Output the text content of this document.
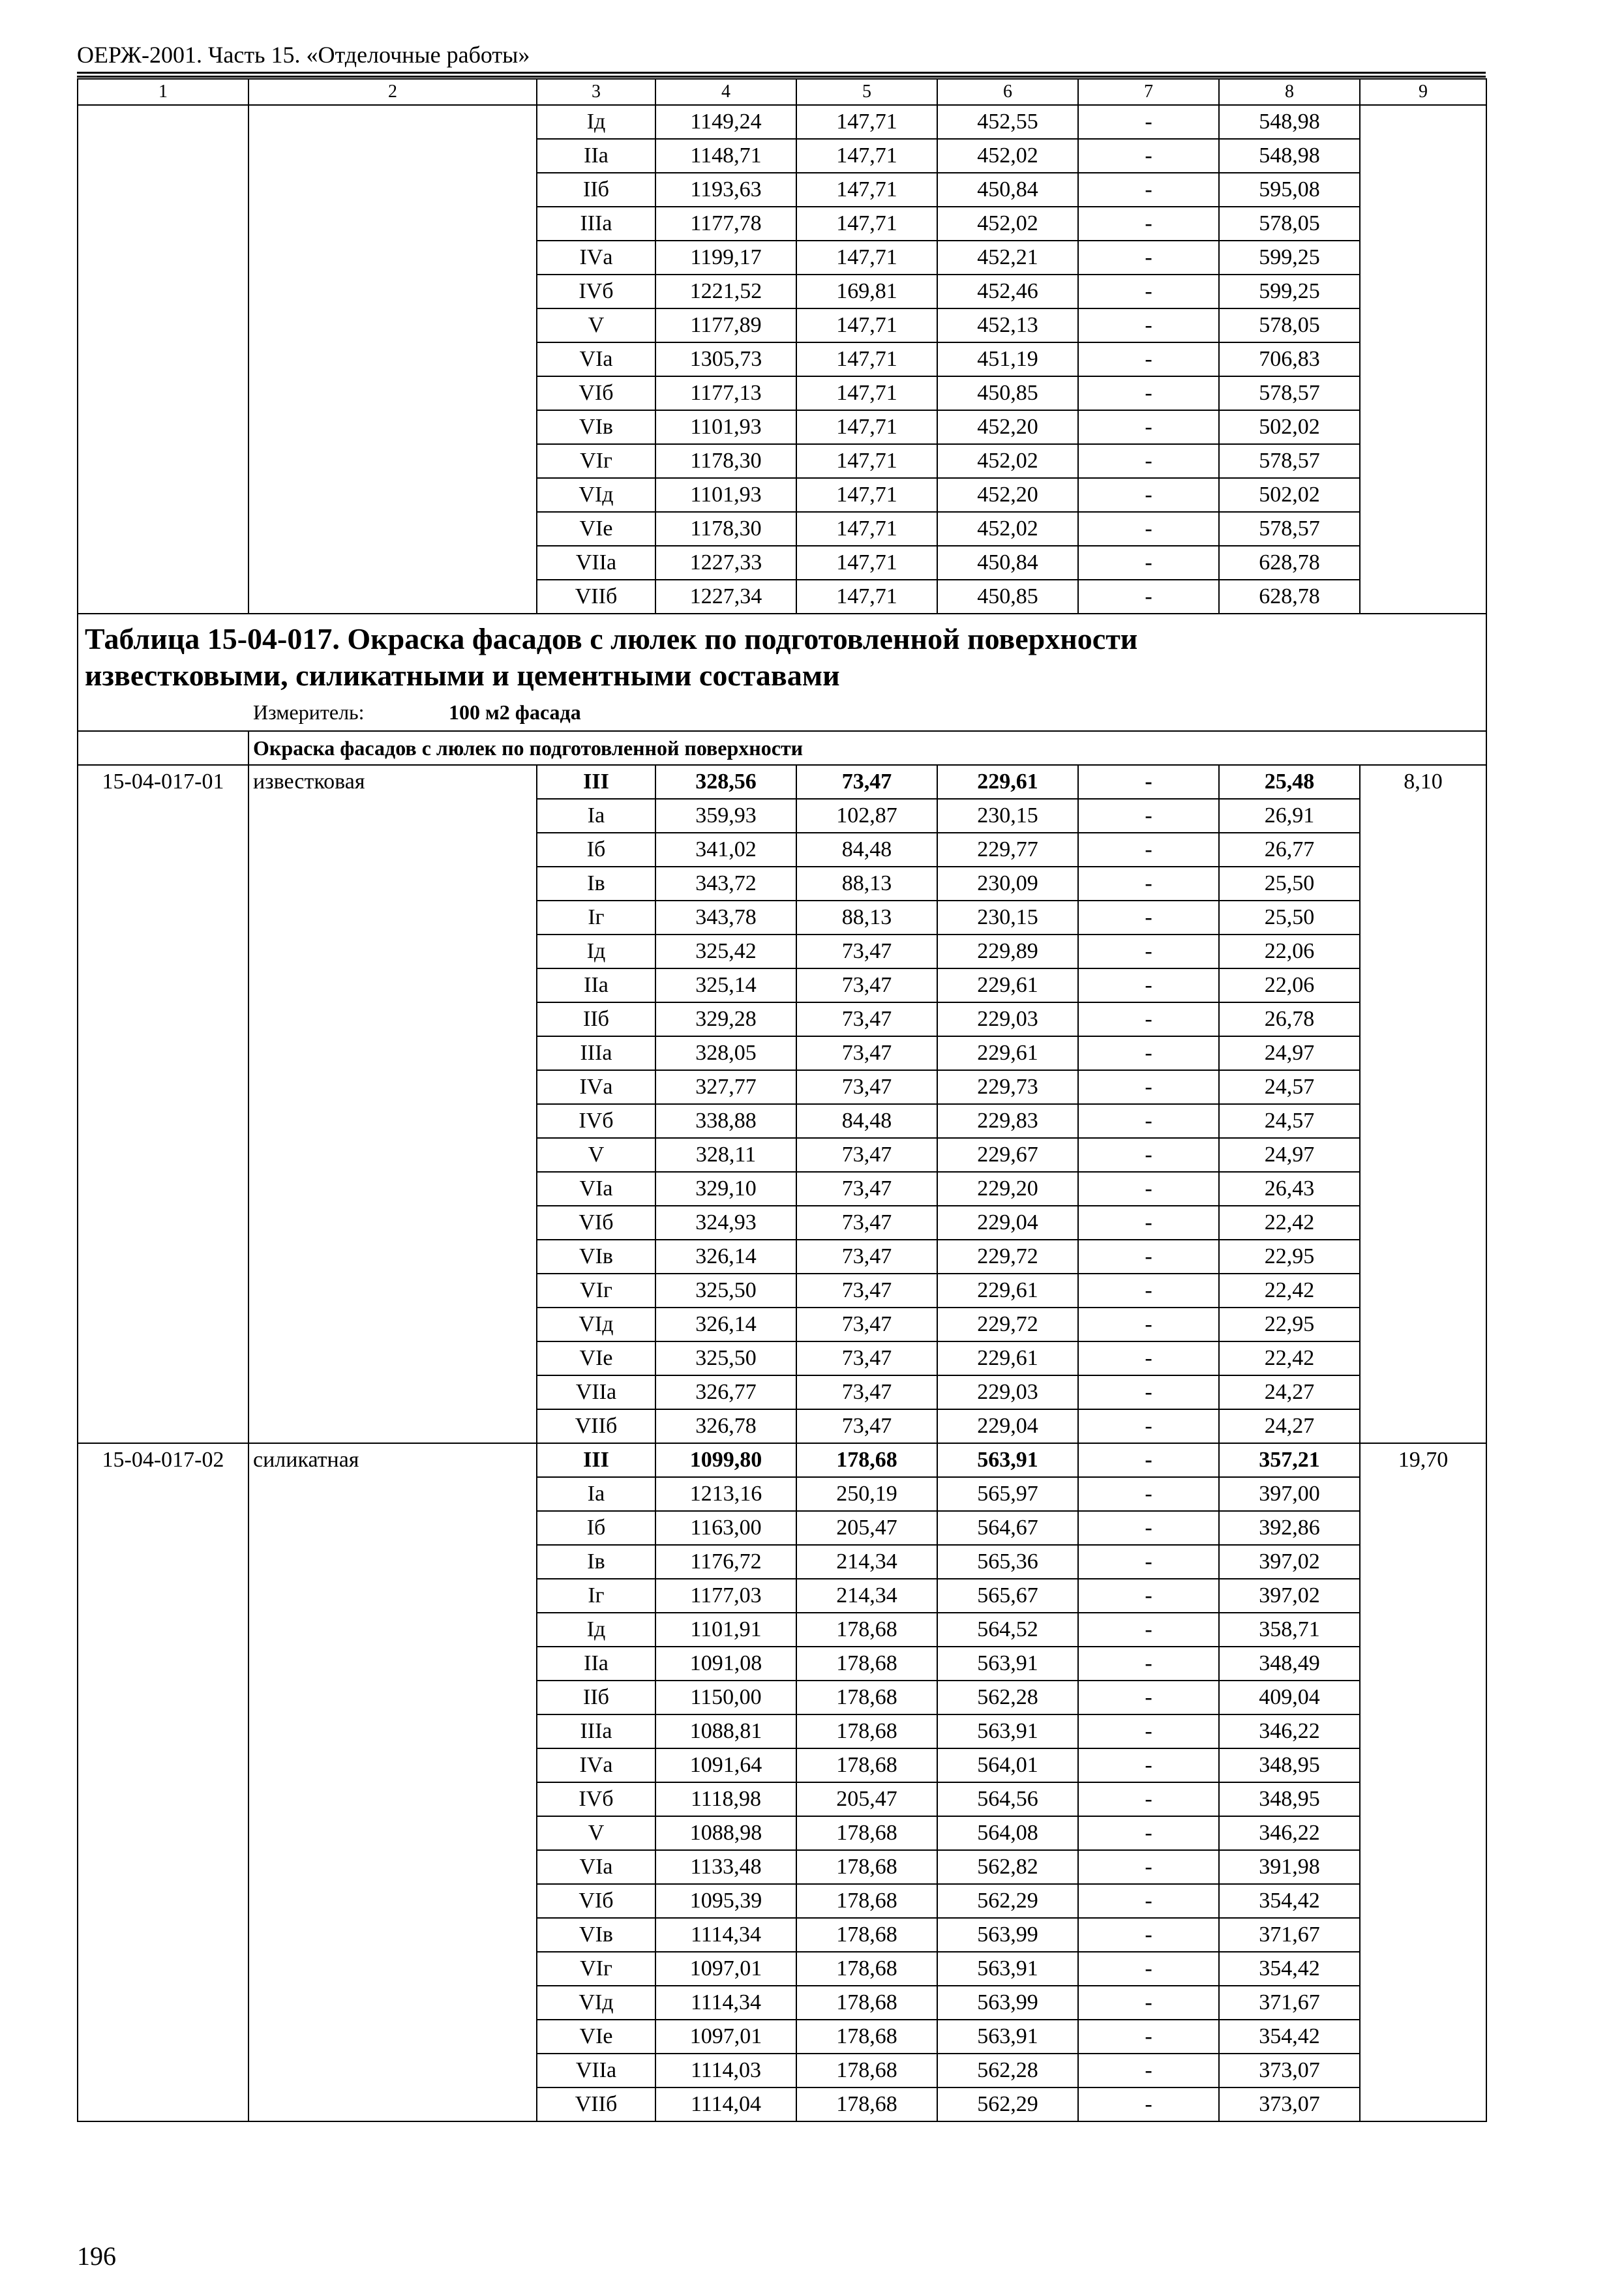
ОЕРЖ-2001. Часть 15. «Отделочные работы»
1	2	3	4	5	6	7	8	9
		Iд	1149,24	147,71	452,55	-	548,98	
		IIа	1148,71	147,71	452,02	-	548,98	
		IIб	1193,63	147,71	450,84	-	595,08	
		IIIа	1177,78	147,71	452,02	-	578,05	
		IVа	1199,17	147,71	452,21	-	599,25	
		IVб	1221,52	169,81	452,46	-	599,25	
		V	1177,89	147,71	452,13	-	578,05	
		VIа	1305,73	147,71	451,19	-	706,83	
		VIб	1177,13	147,71	450,85	-	578,57	
		VIв	1101,93	147,71	452,20	-	502,02	
		VIг	1178,30	147,71	452,02	-	578,57	
		VIд	1101,93	147,71	452,20	-	502,02	
		VIе	1178,30	147,71	452,02	-	578,57	
		VIIа	1227,33	147,71	450,84	-	628,78	
		VIIб	1227,34	147,71	450,85	-	628,78	

Таблица 15-04-017. Окраска фасадов с люлек по подготовленной поверхности
известковыми, силикатными и цементными составами
Измеритель: 100 м2 фасада								

	Окраска фасадов с люлек по подготовленной поверхности							
15-04-017-01	известковая	III	328,56	73,47	229,61	-	25,48	8,10
		Iа	359,93	102,87	230,15	-	26,91	
		Iб	341,02	84,48	229,77	-	26,77	
		Iв	343,72	88,13	230,09	-	25,50	
		Iг	343,78	88,13	230,15	-	25,50	
		Iд	325,42	73,47	229,89	-	22,06	
		IIа	325,14	73,47	229,61	-	22,06	
		IIб	329,28	73,47	229,03	-	26,78	
		IIIа	328,05	73,47	229,61	-	24,97	
		IVа	327,77	73,47	229,73	-	24,57	
		IVб	338,88	84,48	229,83	-	24,57	
		V	328,11	73,47	229,67	-	24,97	
		VIа	329,10	73,47	229,20	-	26,43	
		VIб	324,93	73,47	229,04	-	22,42	
		VIв	326,14	73,47	229,72	-	22,95	
		VIг	325,50	73,47	229,61	-	22,42	
		VIд	326,14	73,47	229,72	-	22,95	
		VIе	325,50	73,47	229,61	-	22,42	
		VIIа	326,77	73,47	229,03	-	24,27	
		VIIб	326,78	73,47	229,04	-	24,27	
15-04-017-02	силикатная	III	1099,80	178,68	563,91	-	357,21	19,70
		Iа	1213,16	250,19	565,97	-	397,00	
		Iб	1163,00	205,47	564,67	-	392,86	
		Iв	1176,72	214,34	565,36	-	397,02	
		Iг	1177,03	214,34	565,67	-	397,02	
		Iд	1101,91	178,68	564,52	-	358,71	
		IIа	1091,08	178,68	563,91	-	348,49	
		IIб	1150,00	178,68	562,28	-	409,04	
		IIIа	1088,81	178,68	563,91	-	346,22	
		IVа	1091,64	178,68	564,01	-	348,95	
		IVб	1118,98	205,47	564,56	-	348,95	
		V	1088,98	178,68	564,08	-	346,22	
		VIа	1133,48	178,68	562,82	-	391,98	
		VIб	1095,39	178,68	562,29	-	354,42	
		VIв	1114,34	178,68	563,99	-	371,67	
		VIг	1097,01	178,68	563,91	-	354,42	
		VIд	1114,34	178,68	563,99	-	371,67	
		VIе	1097,01	178,68	563,91	-	354,42	
		VIIа	1114,03	178,68	562,28	-	373,07	
		VIIб	1114,04	178,68	562,29	-	373,07	
196
